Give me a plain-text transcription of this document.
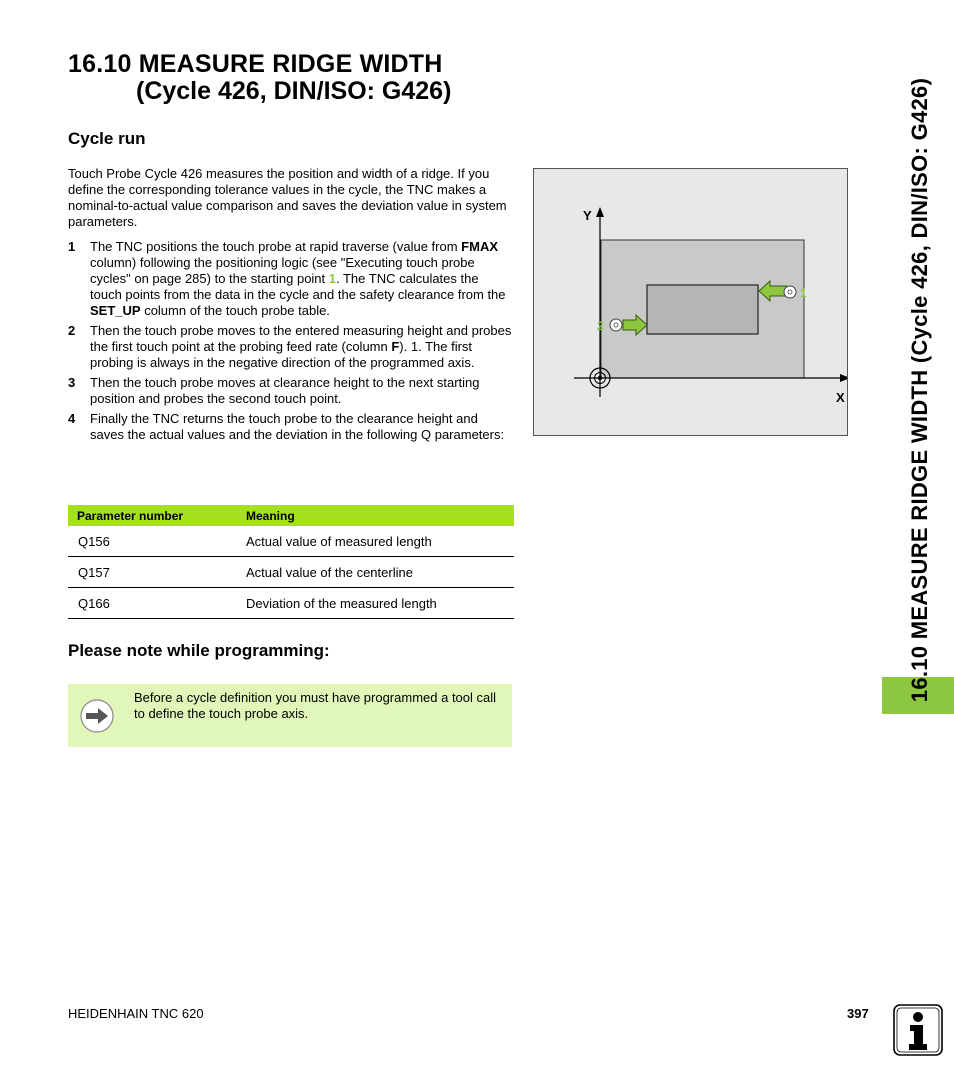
16.10 MEASURE RIDGE WIDTH
(Cycle 426, DIN/ISO: G426)
Cycle run

Touch Probe Cycle 426 measures the position and width of a ridge. If you define the corresponding tolerance values in the cycle, the TNC makes a nominal-to-actual value comparison and saves the deviation value in system parameters.

1 The TNC positions the touch probe at rapid traverse (value from FMAX column) following the positioning logic (see "Executing touch probe cycles" on page 285) to the starting point 1. The TNC calculates the touch points from the data in the cycle and the safety clearance from the SET_UP column of the touch probe table.
2 Then the touch probe moves to the entered measuring height and probes the first touch point at the probing feed rate (column F). 1. The first probing is always in the negative direction of the programmed axis.
3 Then the touch probe moves at clearance height to the next starting position and probes the second touch point.
4 Finally the TNC returns the touch probe to the clearance height and saves the actual values and the deviation in the following Q parameters:
Parameter number	Meaning
Q156	Actual value of measured length
Q157	Actual value of the centerline
Q166	Deviation of the measured length
Please note while programming:

Before a cycle definition you must have programmed a tool call to define the touch probe axis.

Y
X
1
2	16.10 MEASURE RIDGE WIDTH (Cycle 426, DIN/ISO: G426)

HEIDENHAIN TNC 620	397
